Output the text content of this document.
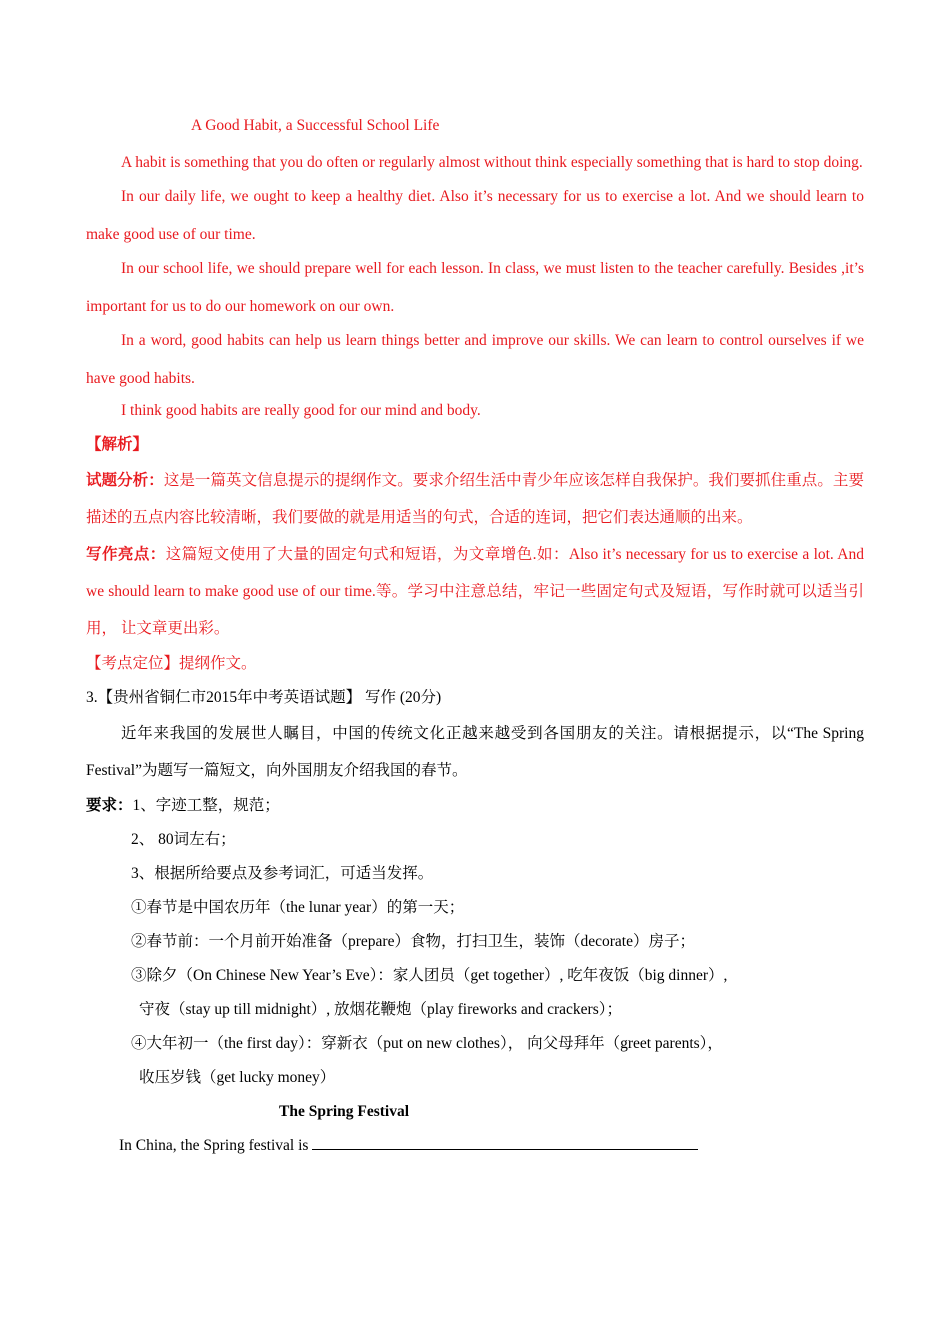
A Good Habit, a Successful School Life
A habit is something that you do often or regularly almost without think especially something that is hard to stop doing.
In our daily life, we ought to keep a healthy diet. Also it’s necessary for us to exercise a lot. And we should learn to make good use of our time.
In our school life, we should prepare well for each lesson. In class, we must listen to the teacher carefully. Besides ,it’s important for us to do our homework on our own.
In a word, good habits can help us learn things better and improve our skills. We can learn to control ourselves if we have good habits.
I think good habits are really good for our mind and body.
【解析】
试题分析：这是一篇英文信息提示的提纲作文。要求介绍生活中青少年应该怎样自我保护。我们要抓住重点。主要描述的五点内容比较清晰，我们要做的就是用适当的句式，合适的连词，把它们表达通顺的出来。
写作亮点：这篇短文使用了大量的固定句式和短语，为文章增色.如：Also it’s necessary for us to exercise a lot. And we should learn to make good use of our time.等。学习中注意总结，牢记一些固定句式及短语，写作时就可以适当引用， 让文章更出彩。
【考点定位】提纲作文。
3.【贵州省铜仁市2015年中考英语试题】 写作 (20分)
近年来我国的发展世人瞩目，中国的传统文化正越来越受到各国朋友的关注。请根据提示，以“The Spring Festival”为题写一篇短文，向外国朋友介绍我国的春节。
要求：1、字迹工整，规范；
2、 80词左右；
3、根据所给要点及参考词汇，可适当发挥。
①春节是中国农历年（the lunar year）的第一天；
②春节前：一个月前开始准备（prepare）食物，打扫卫生，装饰（decorate）房子；
③除夕（On Chinese New Year’s Eve）：家人团员（get together）, 吃年夜饭（big dinner）,
守夜（stay up till midnight）, 放烟花鞭炮（play fireworks and crackers）；
④大年初一（the first day）：穿新衣（put on new clothes）， 向父母拜年（greet parents），
收压岁钱（get lucky money）
The Spring Festival
In China, the Spring festival is
